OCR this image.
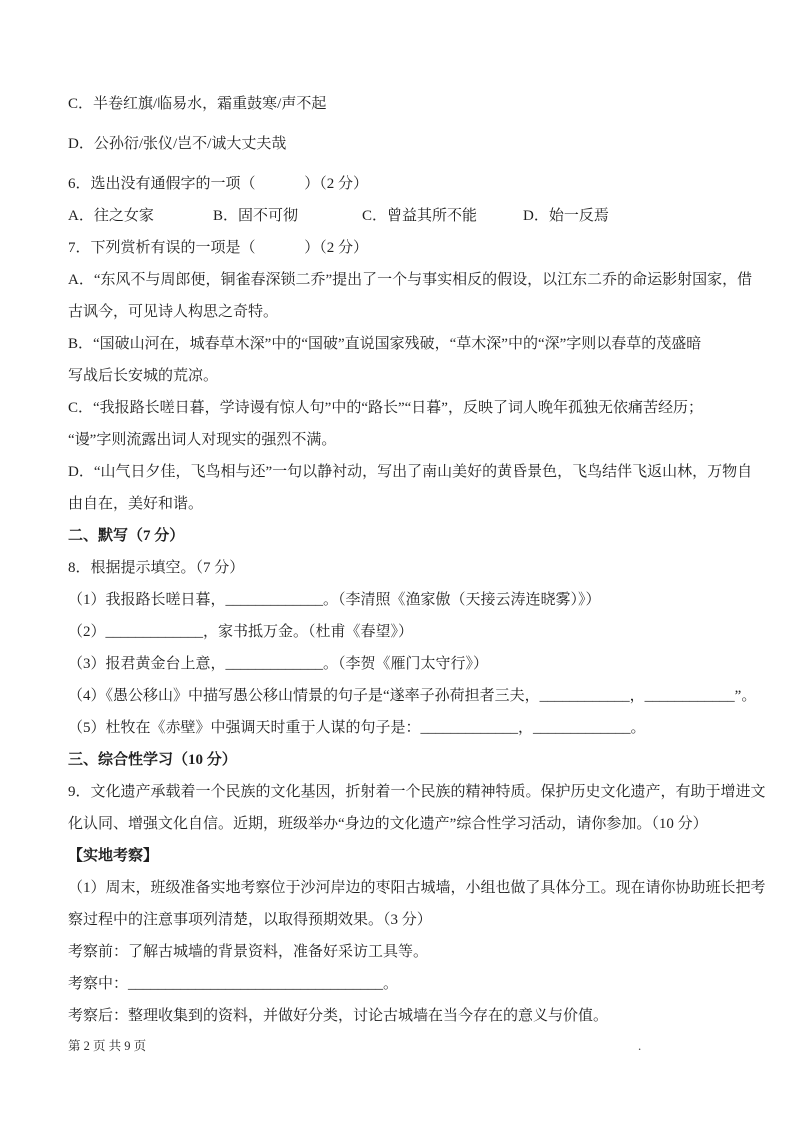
C．半卷红旗/临易水，霜重鼓寒/声不起
D．公孙衍/张仪/岂不/诚大丈夫哉
6．选出没有通假字的一项（             ）（2 分）
A．往之女家	B．固不可彻	C．曾益其所不能	D．始一反焉
7．下列赏析有误的一项是（             ）（2 分）
A．“东风不与周郎便，铜雀春深锁二乔”提出了一个与事实相反的假设，以江东二乔的命运影射国家，借
古讽今，可见诗人构思之奇特。
B．“国破山河在，城春草木深”中的“国破”直说国家残破，“草木深”中的“深”字则以春草的茂盛暗
写战后长安城的荒凉。
C．“我报路长嗟日暮，学诗谩有惊人句”中的“路长”“日暮”，反映了词人晚年孤独无依痛苦经历；
“谩”字则流露出词人对现实的强烈不满。
D．“山气日夕佳，飞鸟相与还”一句以静衬动，写出了南山美好的黄昏景色，飞鸟结伴飞返山林，万物自
由自在，美好和谐。
二、默写（7 分）
8．根据提示填空。（7 分）
（1）我报路长嗟日暮，_____________。（李清照《渔家傲（天接云涛连晓雾）》）
（2）_____________，家书抵万金。（杜甫《春望》）
（3）报君黄金台上意，_____________。（李贺《雁门太守行》）
（4）《愚公移山》中描写愚公移山情景的句子是“遂率子孙荷担者三夫，____________，____________”。
（5）杜牧在《赤壁》中强调天时重于人谋的句子是：_____________，_____________。
三、综合性学习（10 分）
9．文化遗产承载着一个民族的文化基因，折射着一个民族的精神特质。保护历史文化遗产，有助于增进文
化认同、增强文化自信。近期，班级举办“身边的文化遗产”综合性学习活动，请你参加。（10 分）
【实地考察】
（1）周末，班级准备实地考察位于沙河岸边的枣阳古城墙，小组也做了具体分工。现在请你协助班长把考
察过程中的注意事项列清楚，以取得预期效果。（3 分）
考察前：了解古城墙的背景资料，准备好采访工具等。
考察中：__________________________________。
考察后：整理收集到的资料，并做好分类，讨论古城墙在当今存在的意义与价值。
第 2 页 共 9 页	.
